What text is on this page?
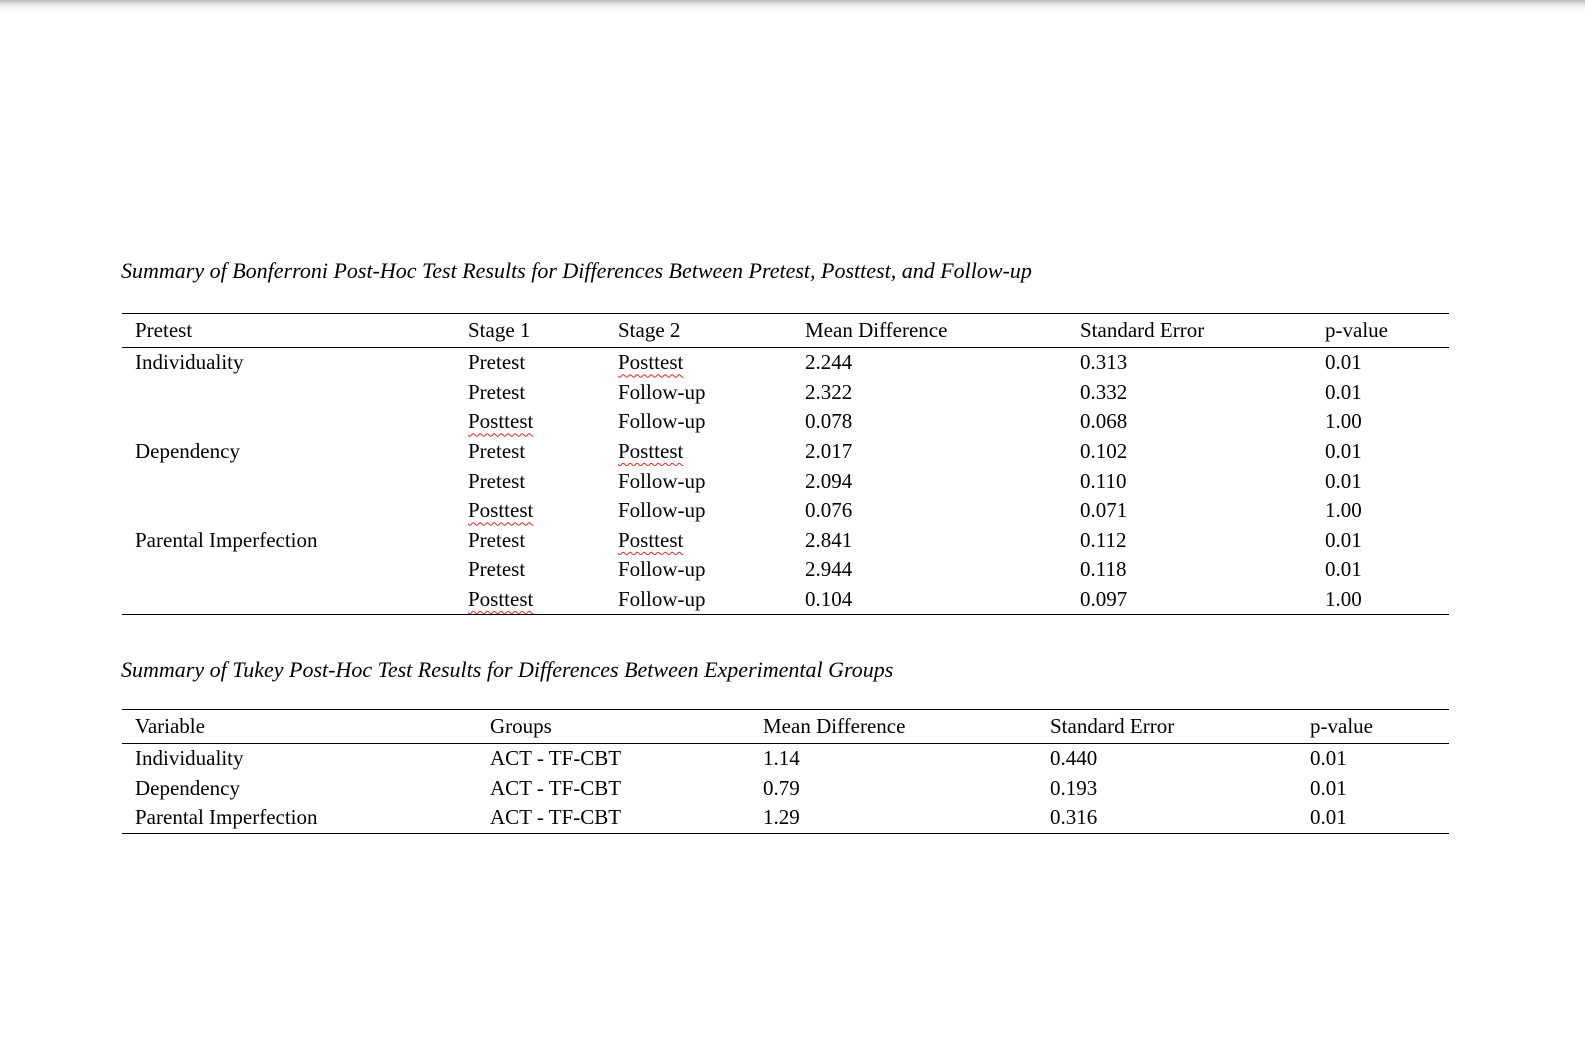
Summary of Bonferroni Post-Hoc Test Results for Differences Between Pretest, Posttest, and Follow-up

Pretest	Stage 1	Stage 2	Mean Difference	Standard Error	p-value
Individuality	Pretest	Posttest	2.244	0.313	0.01
	Pretest	Follow-up	2.322	0.332	0.01
	Posttest	Follow-up	0.078	0.068	1.00
Dependency	Pretest	Posttest	2.017	0.102	0.01
	Pretest	Follow-up	2.094	0.110	0.01
	Posttest	Follow-up	0.076	0.071	1.00
Parental Imperfection	Pretest	Posttest	2.841	0.112	0.01
	Pretest	Follow-up	2.944	0.118	0.01
	Posttest	Follow-up	0.104	0.097	1.00

Summary of Tukey Post-Hoc Test Results for Differences Between Experimental Groups

Variable	Groups	Mean Difference	Standard Error	p-value
Individuality	ACT - TF-CBT	1.14	0.440	0.01
Dependency	ACT - TF-CBT	0.79	0.193	0.01
Parental Imperfection	ACT - TF-CBT	1.29	0.316	0.01
